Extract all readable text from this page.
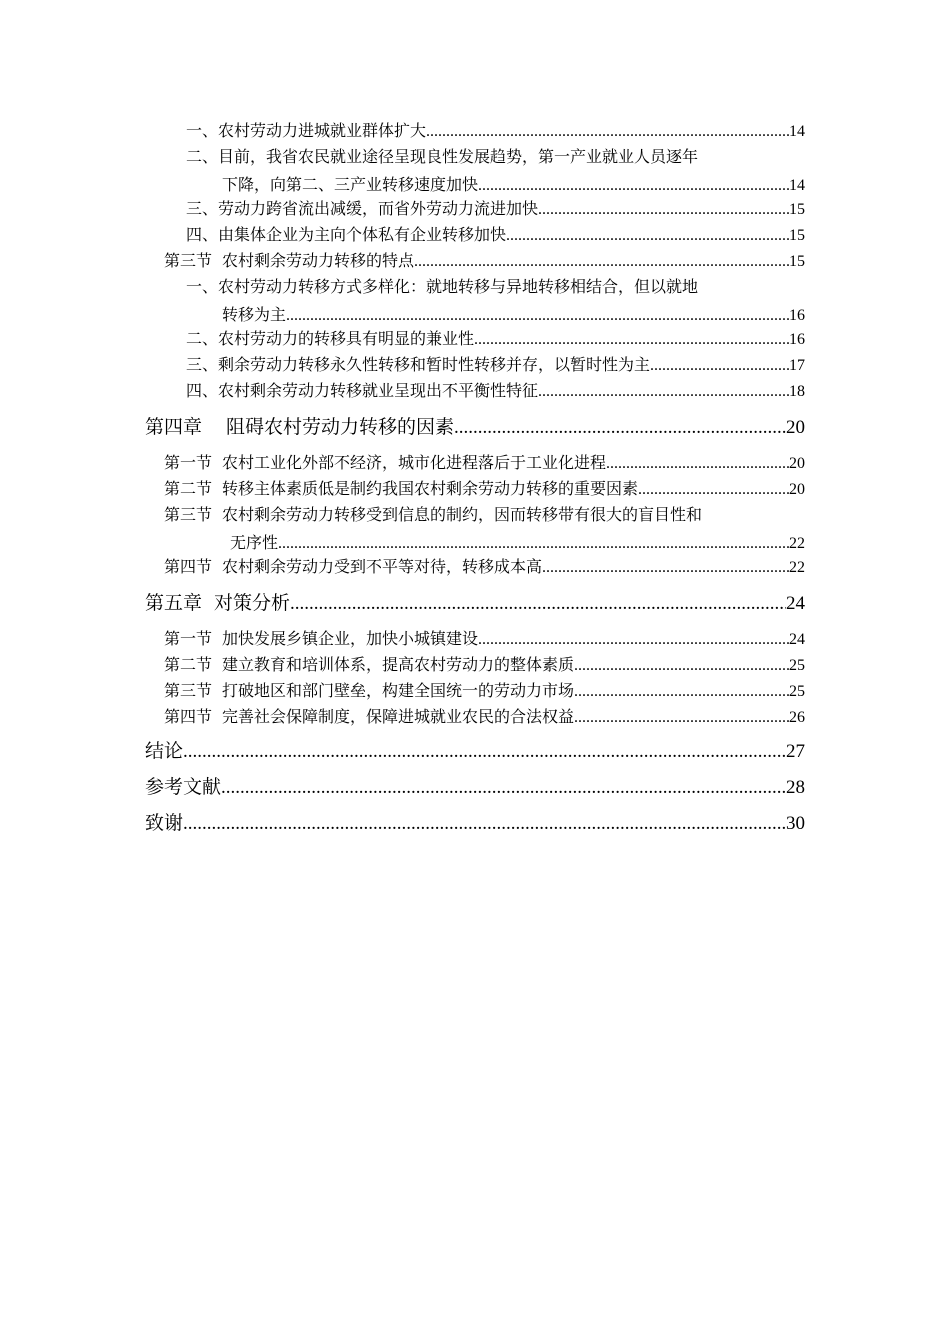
一、农村劳动力进城就业群体扩大 .....	14
二、目前，我省农民就业途径呈现良性发展趋势，第一产业就业人员逐年
下降，向第二、三产业转移速度加快 .....	14
三、劳动力跨省流出减缓，而省外劳动力流进加快 .....	15
四、由集体企业为主向个体私有企业转移加快 .....	15
第三节 农村剩余劳动力转移的特点 .....	15
一、农村劳动力转移方式多样化：就地转移与异地转移相结合，但以就地
转移为主 .....	16
二、农村劳动力的转移具有明显的兼业性 .....	16
三、剩余劳动力转移永久性转移和暂时性转移并存，以暂时性为主 .....	17
四、农村剩余劳动力转移就业呈现出不平衡性特征 .....	18
第四章 阻碍农村劳动力转移的因素 .....	20
第一节 农村工业化外部不经济，城市化进程落后于工业化进程 .....	20
第二节 转移主体素质低是制约我国农村剩余劳动力转移的重要因素 .....	20
第三节 农村剩余劳动力转移受到信息的制约，因而转移带有很大的盲目性和
无序性 .....	22
第四节 农村剩余劳动力受到不平等对待，转移成本高 .....	22
第五章 对策分析 .....	24
第一节 加快发展乡镇企业，加快小城镇建设 .....	24
第二节 建立教育和培训体系，提高农村劳动力的整体素质 .....	25
第三节 打破地区和部门壁垒，构建全国统一的劳动力市场 .....	25
第四节 完善社会保障制度，保障进城就业农民的合法权益 .....	26
结论 .....	27
参考文献 .....	28
致谢 .....	30
